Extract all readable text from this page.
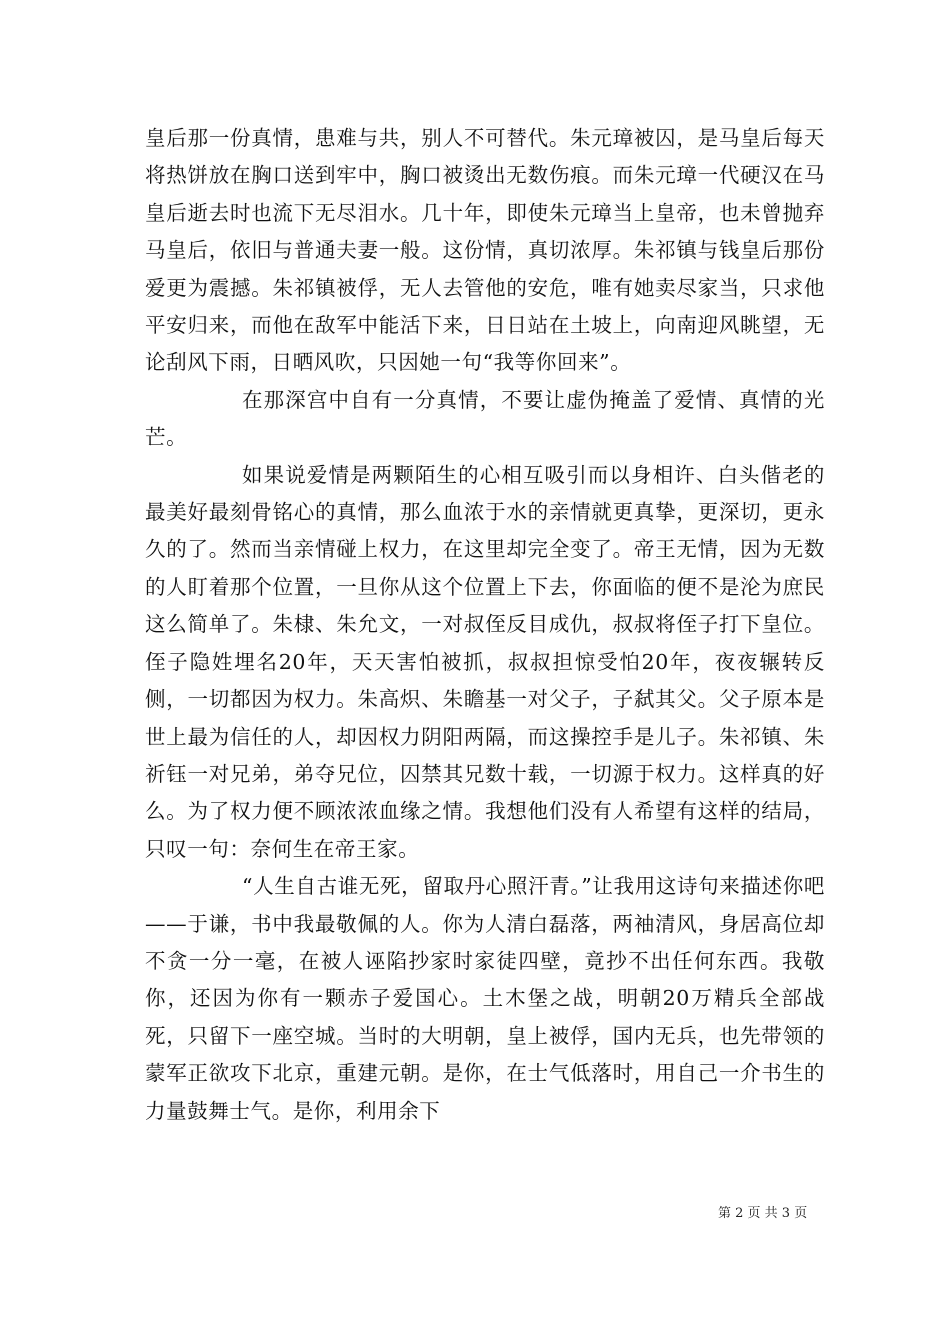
皇后那一份真情，患难与共，别人不可替代。朱元璋被囚，是马皇后每天将热饼放在胸口送到牢中，胸口被烫出无数伤痕。而朱元璋一代硬汉在马皇后逝去时也流下无尽泪水。几十年，即使朱元璋当上皇帝，也未曾抛弃马皇后，依旧与普通夫妻一般。这份情，真切浓厚。朱祁镇与钱皇后那份爱更为震撼。朱祁镇被俘，无人去管他的安危，唯有她卖尽家当，只求他平安归来，而他在敌军中能活下来，日日站在土坡上，向南迎风眺望，无论刮风下雨，日晒风吹，只因她一句“我等你回来”。

在那深宫中自有一分真情，不要让虚伪掩盖了爱情、真情的光芒。

如果说爱情是两颗陌生的心相互吸引而以身相许、白头偕老的最美好最刻骨铭心的真情，那么血浓于水的亲情就更真挚，更深切，更永久的了。然而当亲情碰上权力，在这里却完全变了。帝王无情，因为无数的人盯着那个位置，一旦你从这个位置上下去，你面临的便不是沦为庶民这么简单了。朱棣、朱允文，一对叔侄反目成仇，叔叔将侄子打下皇位。侄子隐姓埋名20年，天天害怕被抓，叔叔担惊受怕20年，夜夜辗转反侧，一切都因为权力。朱高炽、朱瞻基一对父子，子弑其父。父子原本是世上最为信任的人，却因权力阴阳两隔，而这操控手是儿子。朱祁镇、朱祈钰一对兄弟，弟夺兄位，囚禁其兄数十载，一切源于权力。这样真的好么。为了权力便不顾浓浓血缘之情。我想他们没有人希望有这样的结局，只叹一句：奈何生在帝王家。

“人生自古谁无死，留取丹心照汗青。”让我用这诗句来描述你吧——于谦，书中我最敬佩的人。你为人清白磊落，两袖清风，身居高位却不贪一分一毫，在被人诬陷抄家时家徒四壁，竟抄不出任何东西。我敬你，还因为你有一颗赤子爱国心。土木堡之战，明朝20万精兵全部战死，只留下一座空城。当时的大明朝，皇上被俘，国内无兵，也先带领的蒙军正欲攻下北京，重建元朝。是你，在士气低落时，用自己一介书生的力量鼓舞士气。是你，利用余下

第 2 页 共 3 页
